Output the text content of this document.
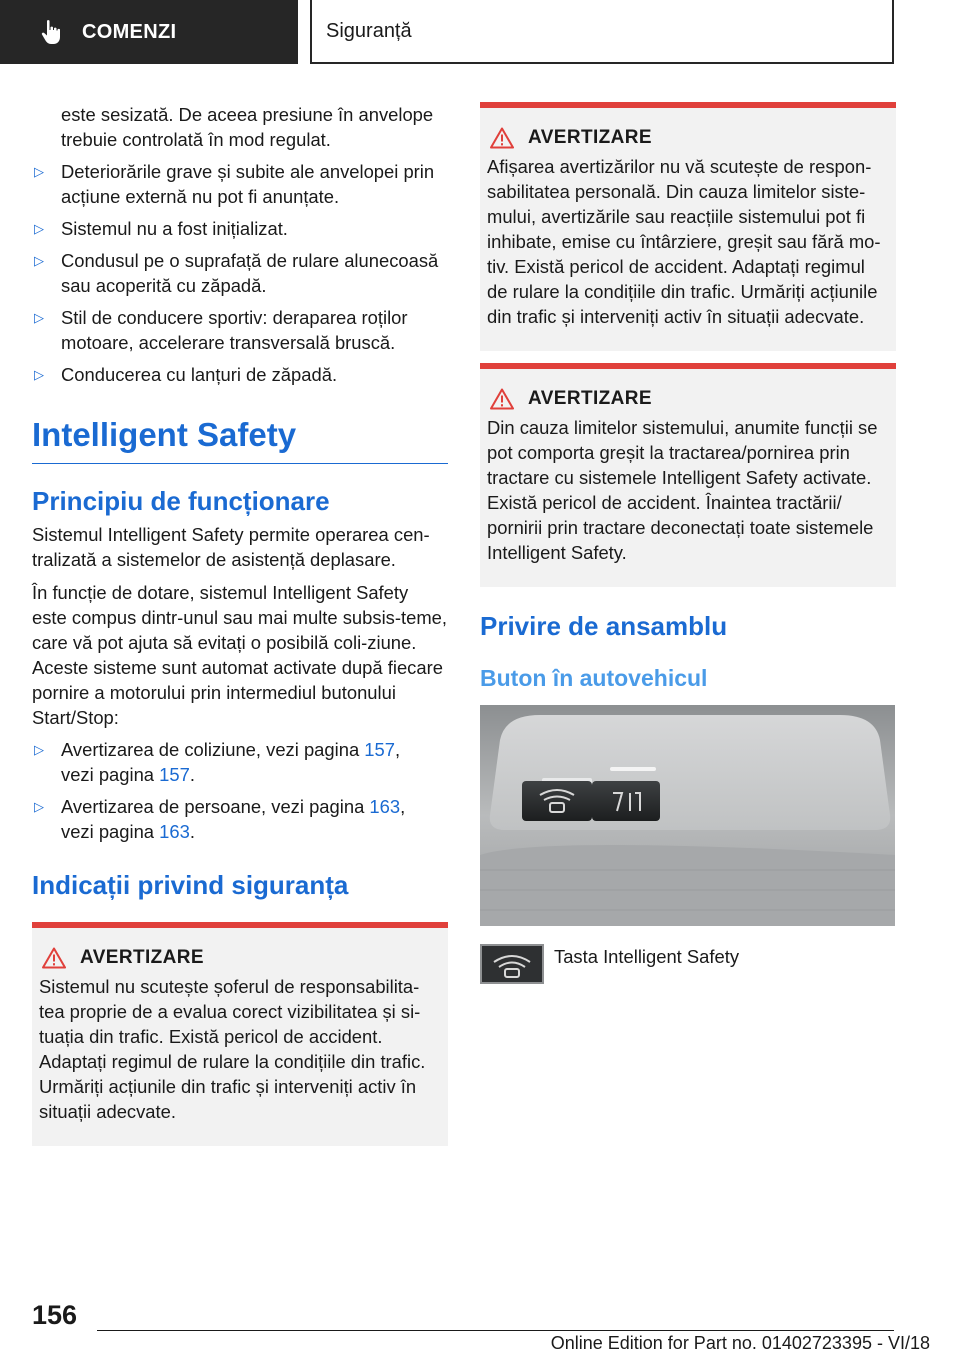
COMENZI	Siguranță

este sesizată. De aceea presiune în anvelope trebuie controlată în mod regulat.

▷ Deteriorările grave și subite ale anvelopei prin acțiune externă nu pot fi anunțate.
▷ Sistemul nu a fost inițializat.
▷ Condusul pe o suprafață de rulare alunecoasă sau acoperită cu zăpadă.
▷ Stil de conducere sportiv: deraparea roților motoare, accelerare transversală bruscă.
▷ Conducerea cu lanțuri de zăpadă.
Intelligent Safety
Principiu de funcționare

Sistemul Intelligent Safety permite operarea cen-tralizată a sistemelor de asistență deplasare.

În funcție de dotare, sistemul Intelligent Safety este compus dintr-unul sau mai multe subsis-teme, care vă pot ajuta să evitați o posibilă coli-ziune. Aceste sisteme sunt automat activate după fiecare pornire a motorului prin intermediul butonului Start/Stop:

▷ Avertizarea de coliziune, vezi pagina 157,
vezi pagina 157.
▷ Avertizarea de persoane, vezi pagina 163,
vezi pagina 163.
Indicații privind siguranța
AVERTIZARE

Sistemul nu scutește șoferul de responsabilita-tea proprie de a evalua corect vizibilitatea și si-tuația din trafic. Există pericol de accident. Adaptați regimul de rulare la condițiile din trafic. Urmăriți acțiunile din trafic și interveniți activ în situații adecvate.

AVERTIZARE

Afișarea avertizărilor nu vă scutește de respon-sabilitatea personală. Din cauza limitelor siste-mului, avertizările sau reacțiile sistemului pot fi inhibate, emise cu întârziere, greșit sau fără mo-tiv. Există pericol de accident. Adaptați regimul de rulare la condițiile din trafic. Urmăriți acțiunile din trafic și interveniți activ în situații adecvate.

AVERTIZARE

Din cauza limitelor sistemului, anumite funcții se pot comporta greșit la tractarea/pornirea prin tractare cu sistemele Intelligent Safety activate. Există pericol de accident. Înaintea tractării/ pornirii prin tractare deconectați toate sistemele Intelligent Safety.

Privire de ansamblu
Buton în autovehicul

Tasta Intelligent Safety

156
Online Edition for Part no. 01402723395 - VI/18
